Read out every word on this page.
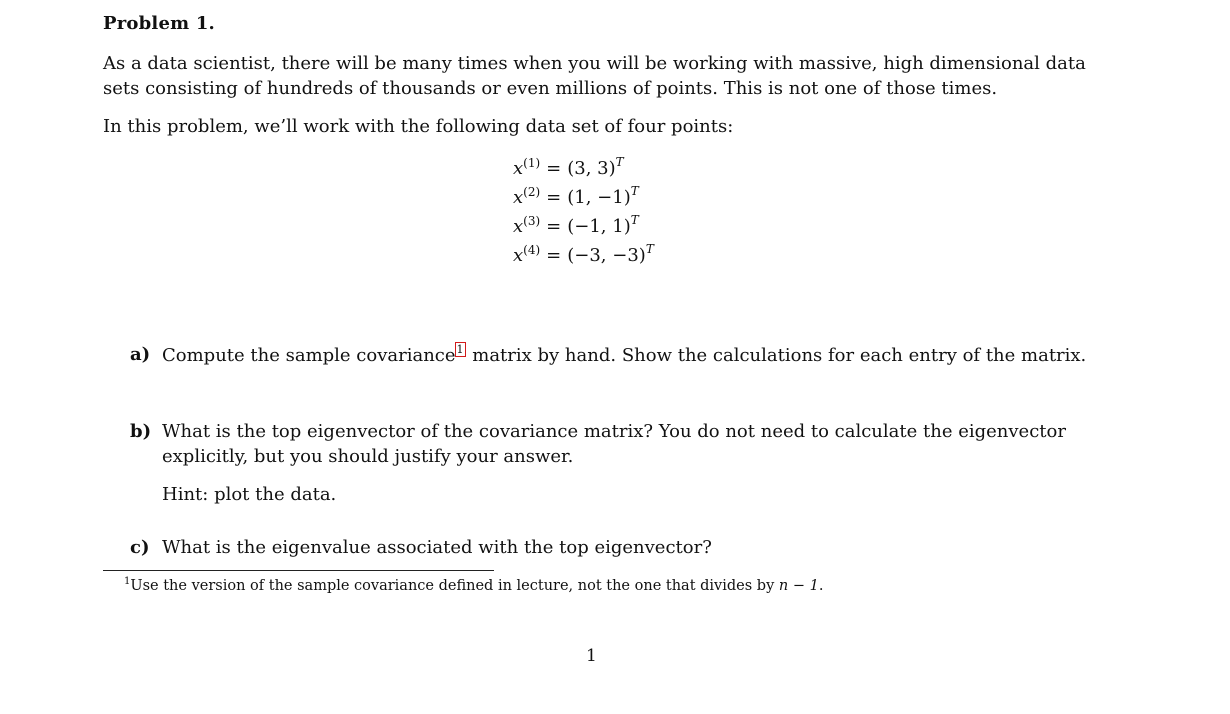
Problem 1.
As a data scientist, there will be many times when you will be working with massive, high dimensional data sets consisting of hundreds of thousands or even millions of points. This is not one of those times.
In this problem, we’ll work with the following data set of four points:
$x^{(1)} = (3$, 3)$^T$
$x^{(2)} = (1$, −1)$^T$
$x^{(3)} = (-1$, 1)$^T$
$x^{(4)} = (-3$, −3)$^T$
a) Compute the sample covariance1 matrix by hand. Show the calculations for each entry of the matrix.
b) What is the top eigenvector of the covariance matrix? You do not need to calculate the eigenvector explicitly, but you should justify your answer.
Hint: plot the data.
c) What is the eigenvalue associated with the top eigenvector?
$^1$Use the version of the sample covariance defined in lecture, not the one that divides by n − 1.
1
